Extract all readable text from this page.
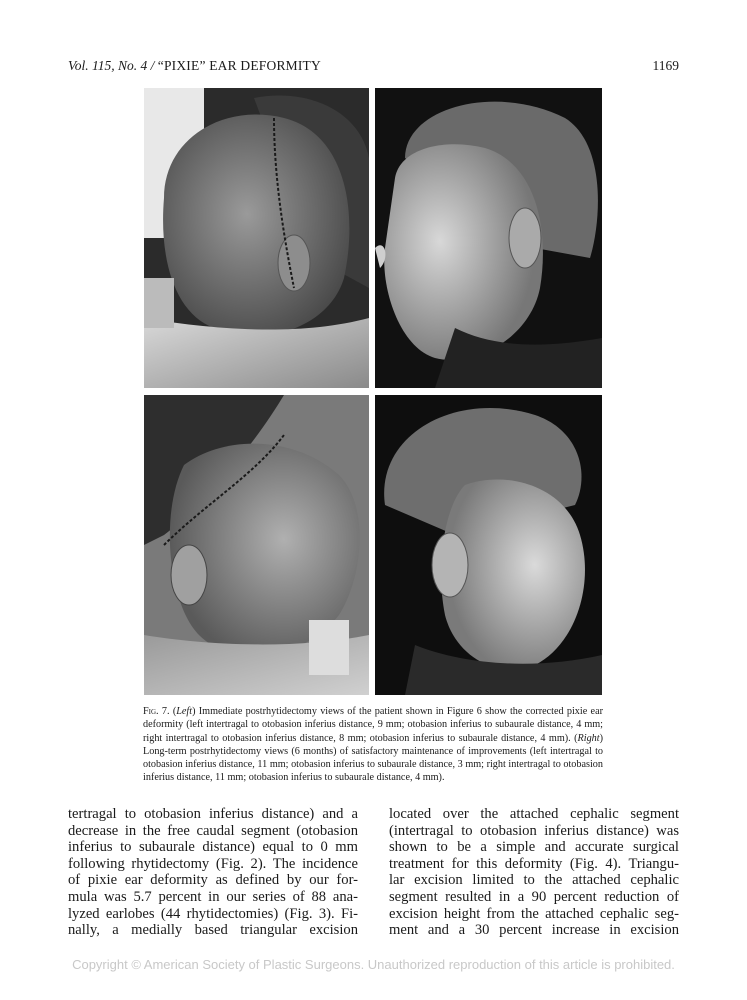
Vol. 115, No. 4 / “PIXIE” EAR DEFORMITY	1169
Fig. 7. (Left) Immediate postrhytidectomy views of the patient shown in Figure 6 show the corrected pixie ear deformity (left intertragal to otobasion inferius distance, 9 mm; otobasion inferius to subaurale distance, 4 mm; right intertragal to otobasion inferius distance, 8 mm; otobasion inferius to subaurale distance, 4 mm). (Right) Long-term postrhytidectomy views (6 months) of satisfactory maintenance of improvements (left intertragal to otobasion inferius distance, 11 mm; otobasion inferius to subaurale distance, 3 mm; right intertragal to otobasion inferius distance, 11 mm; otobasion inferius to subaurale distance, 4 mm).
tertragal to otobasion inferius distance) and a
decrease in the free caudal segment (otobasion
inferius to subaurale distance) equal to 0 mm
following rhytidectomy (Fig. 2). The incidence
of pixie ear deformity as defined by our for-
mula was 5.7 percent in our series of 88 ana-
lyzed earlobes (44 rhytidectomies) (Fig. 3). Fi-
nally, a medially based triangular excision
located over the attached cephalic segment
(intertragal to otobasion inferius distance) was
shown to be a simple and accurate surgical
treatment for this deformity (Fig. 4). Triangu-
lar excision limited to the attached cephalic
segment resulted in a 90 percent reduction of
excision height from the attached cephalic seg-
ment and a 30 percent increase in excision
Copyright © American Society of Plastic Surgeons. Unauthorized reproduction of this article is prohibited.
